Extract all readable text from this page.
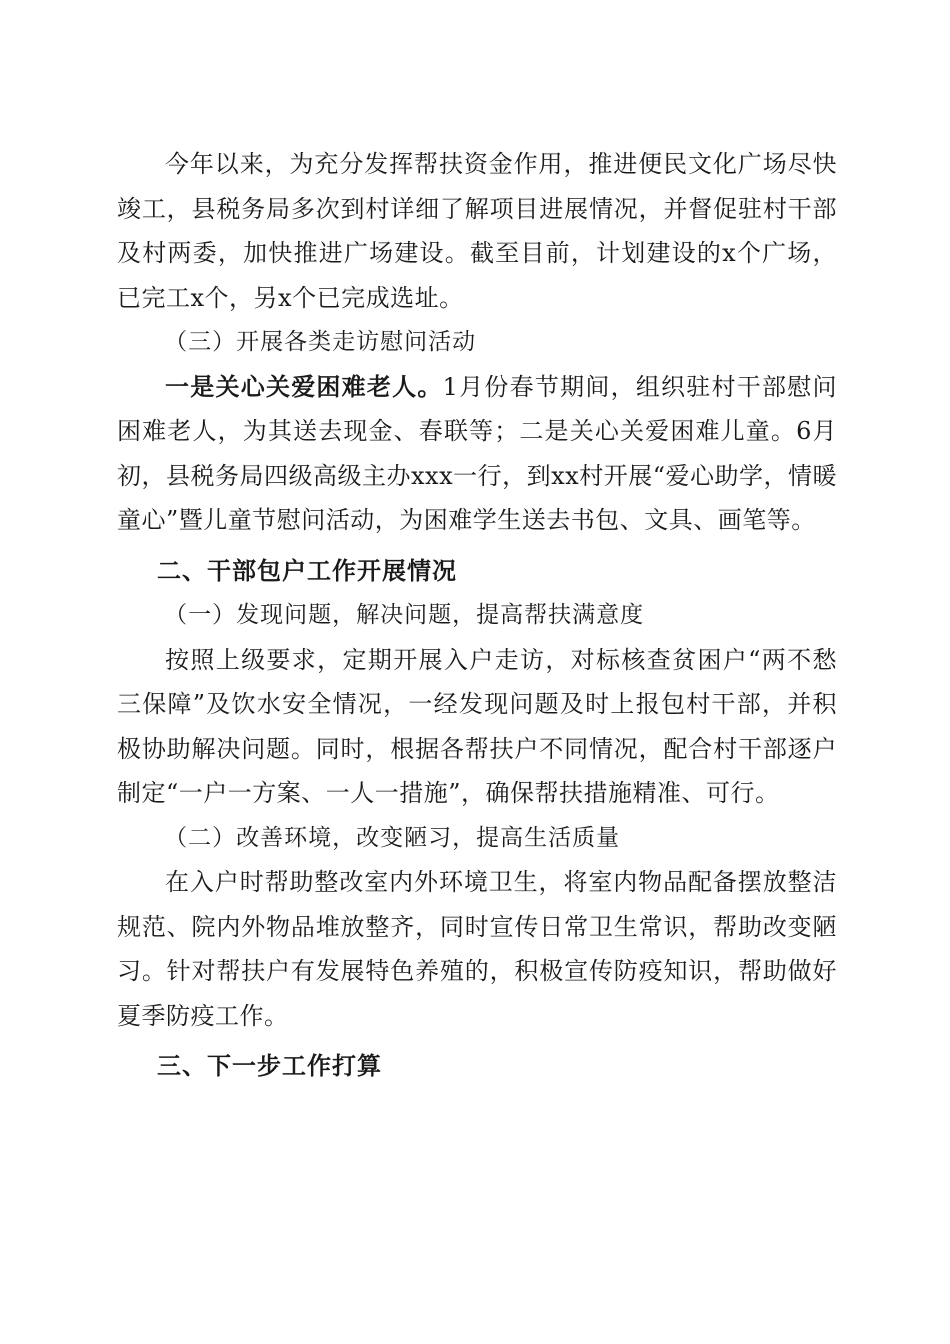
今年以来，为充分发挥帮扶资金作用，推进便民文化广场尽快竣工，县税务局多次到村详细了解项目进展情况，并督促驻村干部及村两委，加快推进广场建设。截至目前，计划建设的x个广场，已完工x个，另x个已完成选址。

（三）开展各类走访慰问活动

一是关心关爱困难老人。1月份春节期间，组织驻村干部慰问困难老人，为其送去现金、春联等；二是关心关爱困难儿童。6月初，县税务局四级高级主办xxx一行，到xx村开展“爱心助学，情暖童心”暨儿童节慰问活动，为困难学生送去书包、文具、画笔等。

二、干部包户工作开展情况

（一）发现问题，解决问题，提高帮扶满意度

按照上级要求，定期开展入户走访，对标核查贫困户“两不愁三保障”及饮水安全情况，一经发现问题及时上报包村干部，并积极协助解决问题。同时，根据各帮扶户不同情况，配合村干部逐户制定“一户一方案、一人一措施”，确保帮扶措施精准、可行。

（二）改善环境，改变陋习，提高生活质量

在入户时帮助整改室内外环境卫生，将室内物品配备摆放整洁规范、院内外物品堆放整齐，同时宣传日常卫生常识，帮助改变陋习。针对帮扶户有发展特色养殖的，积极宣传防疫知识，帮助做好夏季防疫工作。

三、下一步工作打算
